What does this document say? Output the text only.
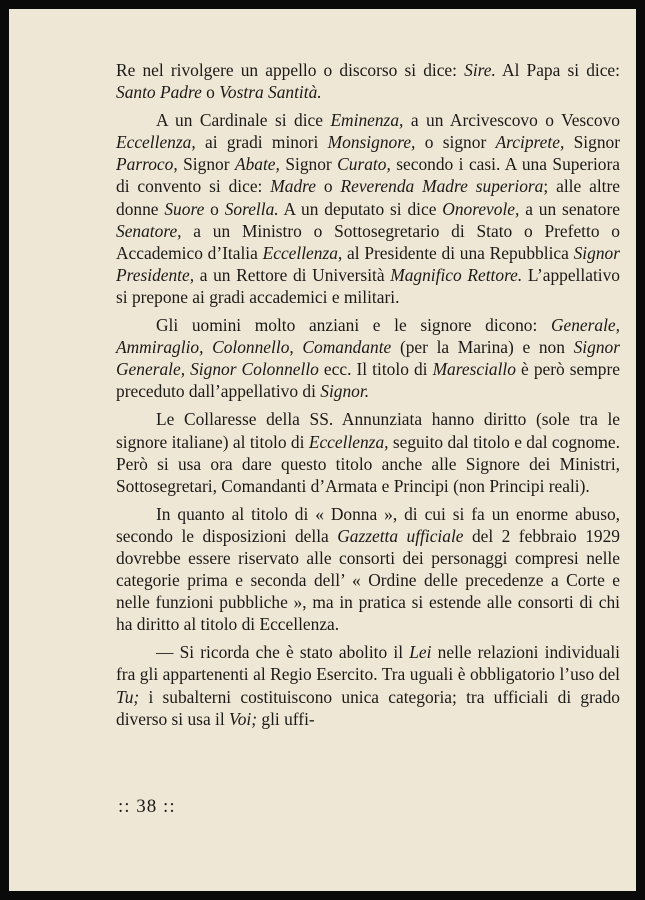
Re nel rivolgere un appello o discorso si dice: Sire. Al Papa si dice: Santo Padre o Vostra Santità.

A un Cardinale si dice Eminenza, a un Arcivescovo o Vescovo Eccellenza, ai gradi minori Monsignore, o signor Arciprete, Signor Parroco, Signor Abate, Signor Curato, secondo i casi. A una Superiora di convento si dice: Madre o Reverenda Madre superiora; alle altre donne Suore o Sorella. A un deputato si dice Onorevole, a un senatore Senatore, a un Ministro o Sottosegretario di Stato o Prefetto o Accademico d’Italia Eccellenza, al Presidente di una Repubblica Signor Presidente, a un Rettore di Università Magnifico Rettore. L’appellativo si prepone ai gradi accademici e militari.

Gli uomini molto anziani e le signore dicono: Generale, Ammiraglio, Colonnello, Comandante (per la Marina) e non Signor Generale, Signor Colonnello ecc. Il titolo di Maresciallo è però sempre preceduto dall’appellativo di Signor.

Le Collaresse della SS. Annunziata hanno diritto (sole tra le signore italiane) al titolo di Eccellenza, seguito dal titolo e dal cognome. Però si usa ora dare questo titolo anche alle Signore dei Ministri, Sottosegretari, Comandanti d’Armata e Principi (non Principi reali).

In quanto al titolo di « Donna », di cui si fa un enorme abuso, secondo le disposizioni della Gazzetta ufficiale del 2 febbraio 1929 dovrebbe essere riservato alle consorti dei personaggi compresi nelle categorie prima e seconda dell’ « Ordine delle precedenze a Corte e nelle funzioni pubbliche », ma in pratica si estende alle consorti di chi ha diritto al titolo di Eccellenza.

— Si ricorda che è stato abolito il Lei nelle relazioni individuali fra gli appartenenti al Regio Esercito. Tra uguali è obbligatorio l’uso del Tu; i subalterni costituiscono unica categoria; tra ufficiali di grado diverso si usa il Voi; gli uffi-

:: 38 ::
